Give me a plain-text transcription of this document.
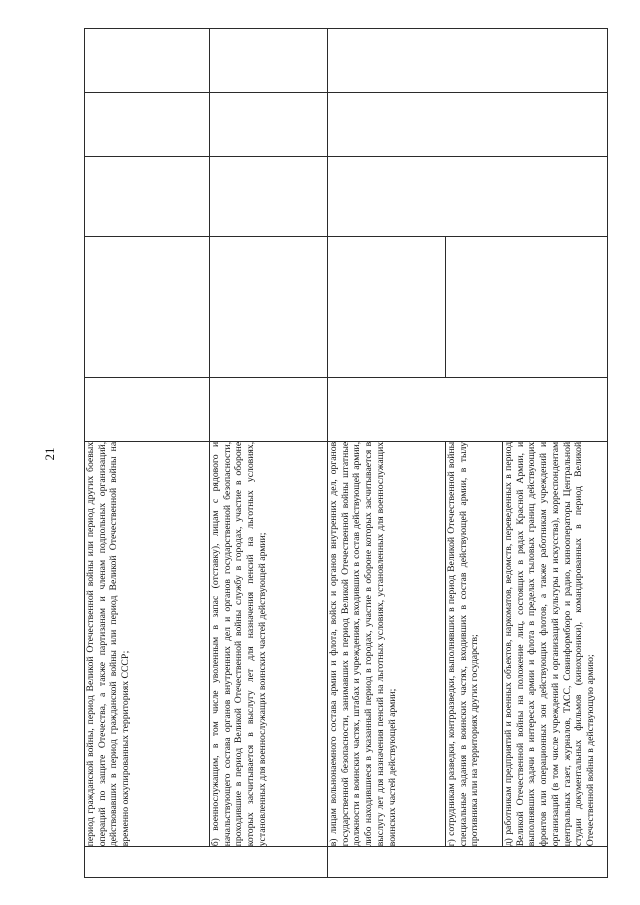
21

	период гражданской войны, период Великой Отечественной войны или период других боевых операций по защите Отечества, а также партизанам и членам подпольных организаций, действовавших в период гражданской войны или период Великой Отечественной войны на временно оккупированных территориях СССР;					

	б) военнослужащим, в том числе уволенным в запас (отставку), лицам с рядового и начальствующего состава органов внутренних дел и органов государственной безопасности, проходившие в период Великой Отечественной войны службу в городах, участие в обороне которых засчитывается в выслугу лет для назначения пенсий на льготных условиях, установленных для военнослужащих воинских частей действующей армии;					

	в) лицам вольнонаемного состава армии и флота, войск и органов внутренних дел, органов государственной безопасности, занимавших в период Великой Отечественной войны штатные должности в воинских частях, штабах и учреждениях, входивших в состав действующей армии, либо находившиеся в указанный период в городах, участие в обороне которых засчитывается в выслугу лет для назначения пенсий на льготных условиях, установленных для военнослужащих воинских частей действующей армии;					

	г) сотрудникам разведки, контрразведки, выполнявших в период Великой Отечественной войны специальные задания в воинских частях, входивших в состав действующей армии, в тылу противника или на территориях других государств;					

	д) работникам предприятий и военных объектов, наркоматов, ведомств, переведенных в период Великой Отечественной войны на положение лиц, состоящих в рядах Красной Армии, и выполнявших задачи в интересах армии и флота в пределах тыловых границ действующих фронтов или операционных зон действующих флотов, а также работникам учреждений и организаций (в том числе учреждений и организаций культуры и искусства), корреспондентам центральных газет, журналов, ТАСС, Совинформбюро и радио, кинооператоры Центральной студии документальных фильмов (кинохроники), командированных в период Великой Отечественной войны в действующую армию;					
